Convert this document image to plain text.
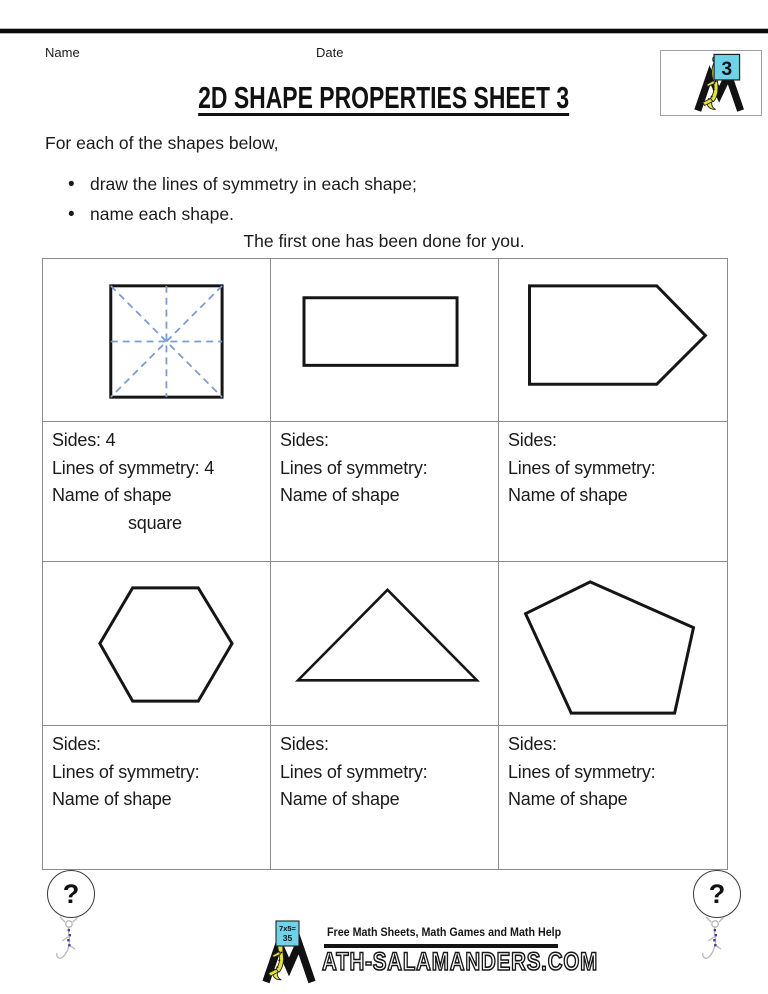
Name	Date
3
2D SHAPE PROPERTIES SHEET 3
For each of the shapes below,
• draw the lines of symmetry in each shape;
• name each shape.
The first one has been done for you.
Sides: 4
Lines of symmetry: 4
Name of shape
square
Sides:
Lines of symmetry:
Name of shape
Sides:
Lines of symmetry:
Name of shape
Sides:
Lines of symmetry:
Name of shape
Sides:
Lines of symmetry:
Name of shape
Sides:
Lines of symmetry:
Name of shape
?	?
7x5=
35	Free Math Sheets, Math Games and Math Help
ATH-SALAMANDERS.COM
